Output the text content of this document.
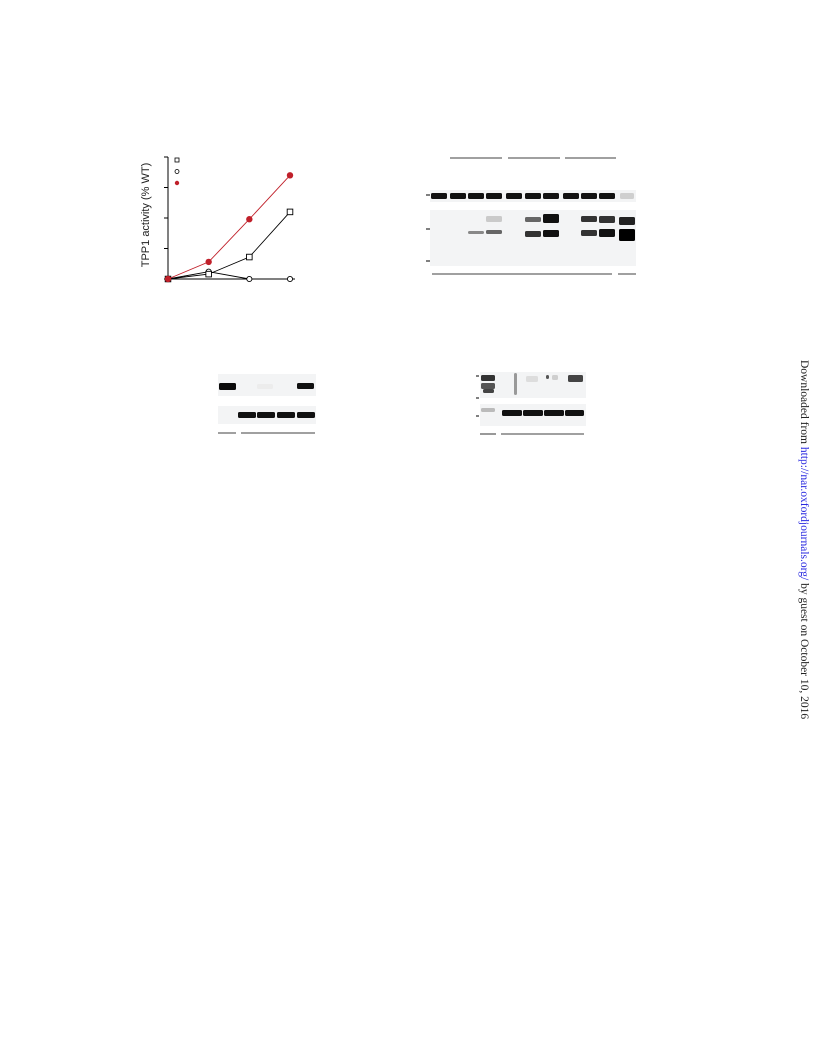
TPP1 activity (% WT)
Downloaded from http://nar.oxfordjournals.org/ by guest on October 10, 2016
